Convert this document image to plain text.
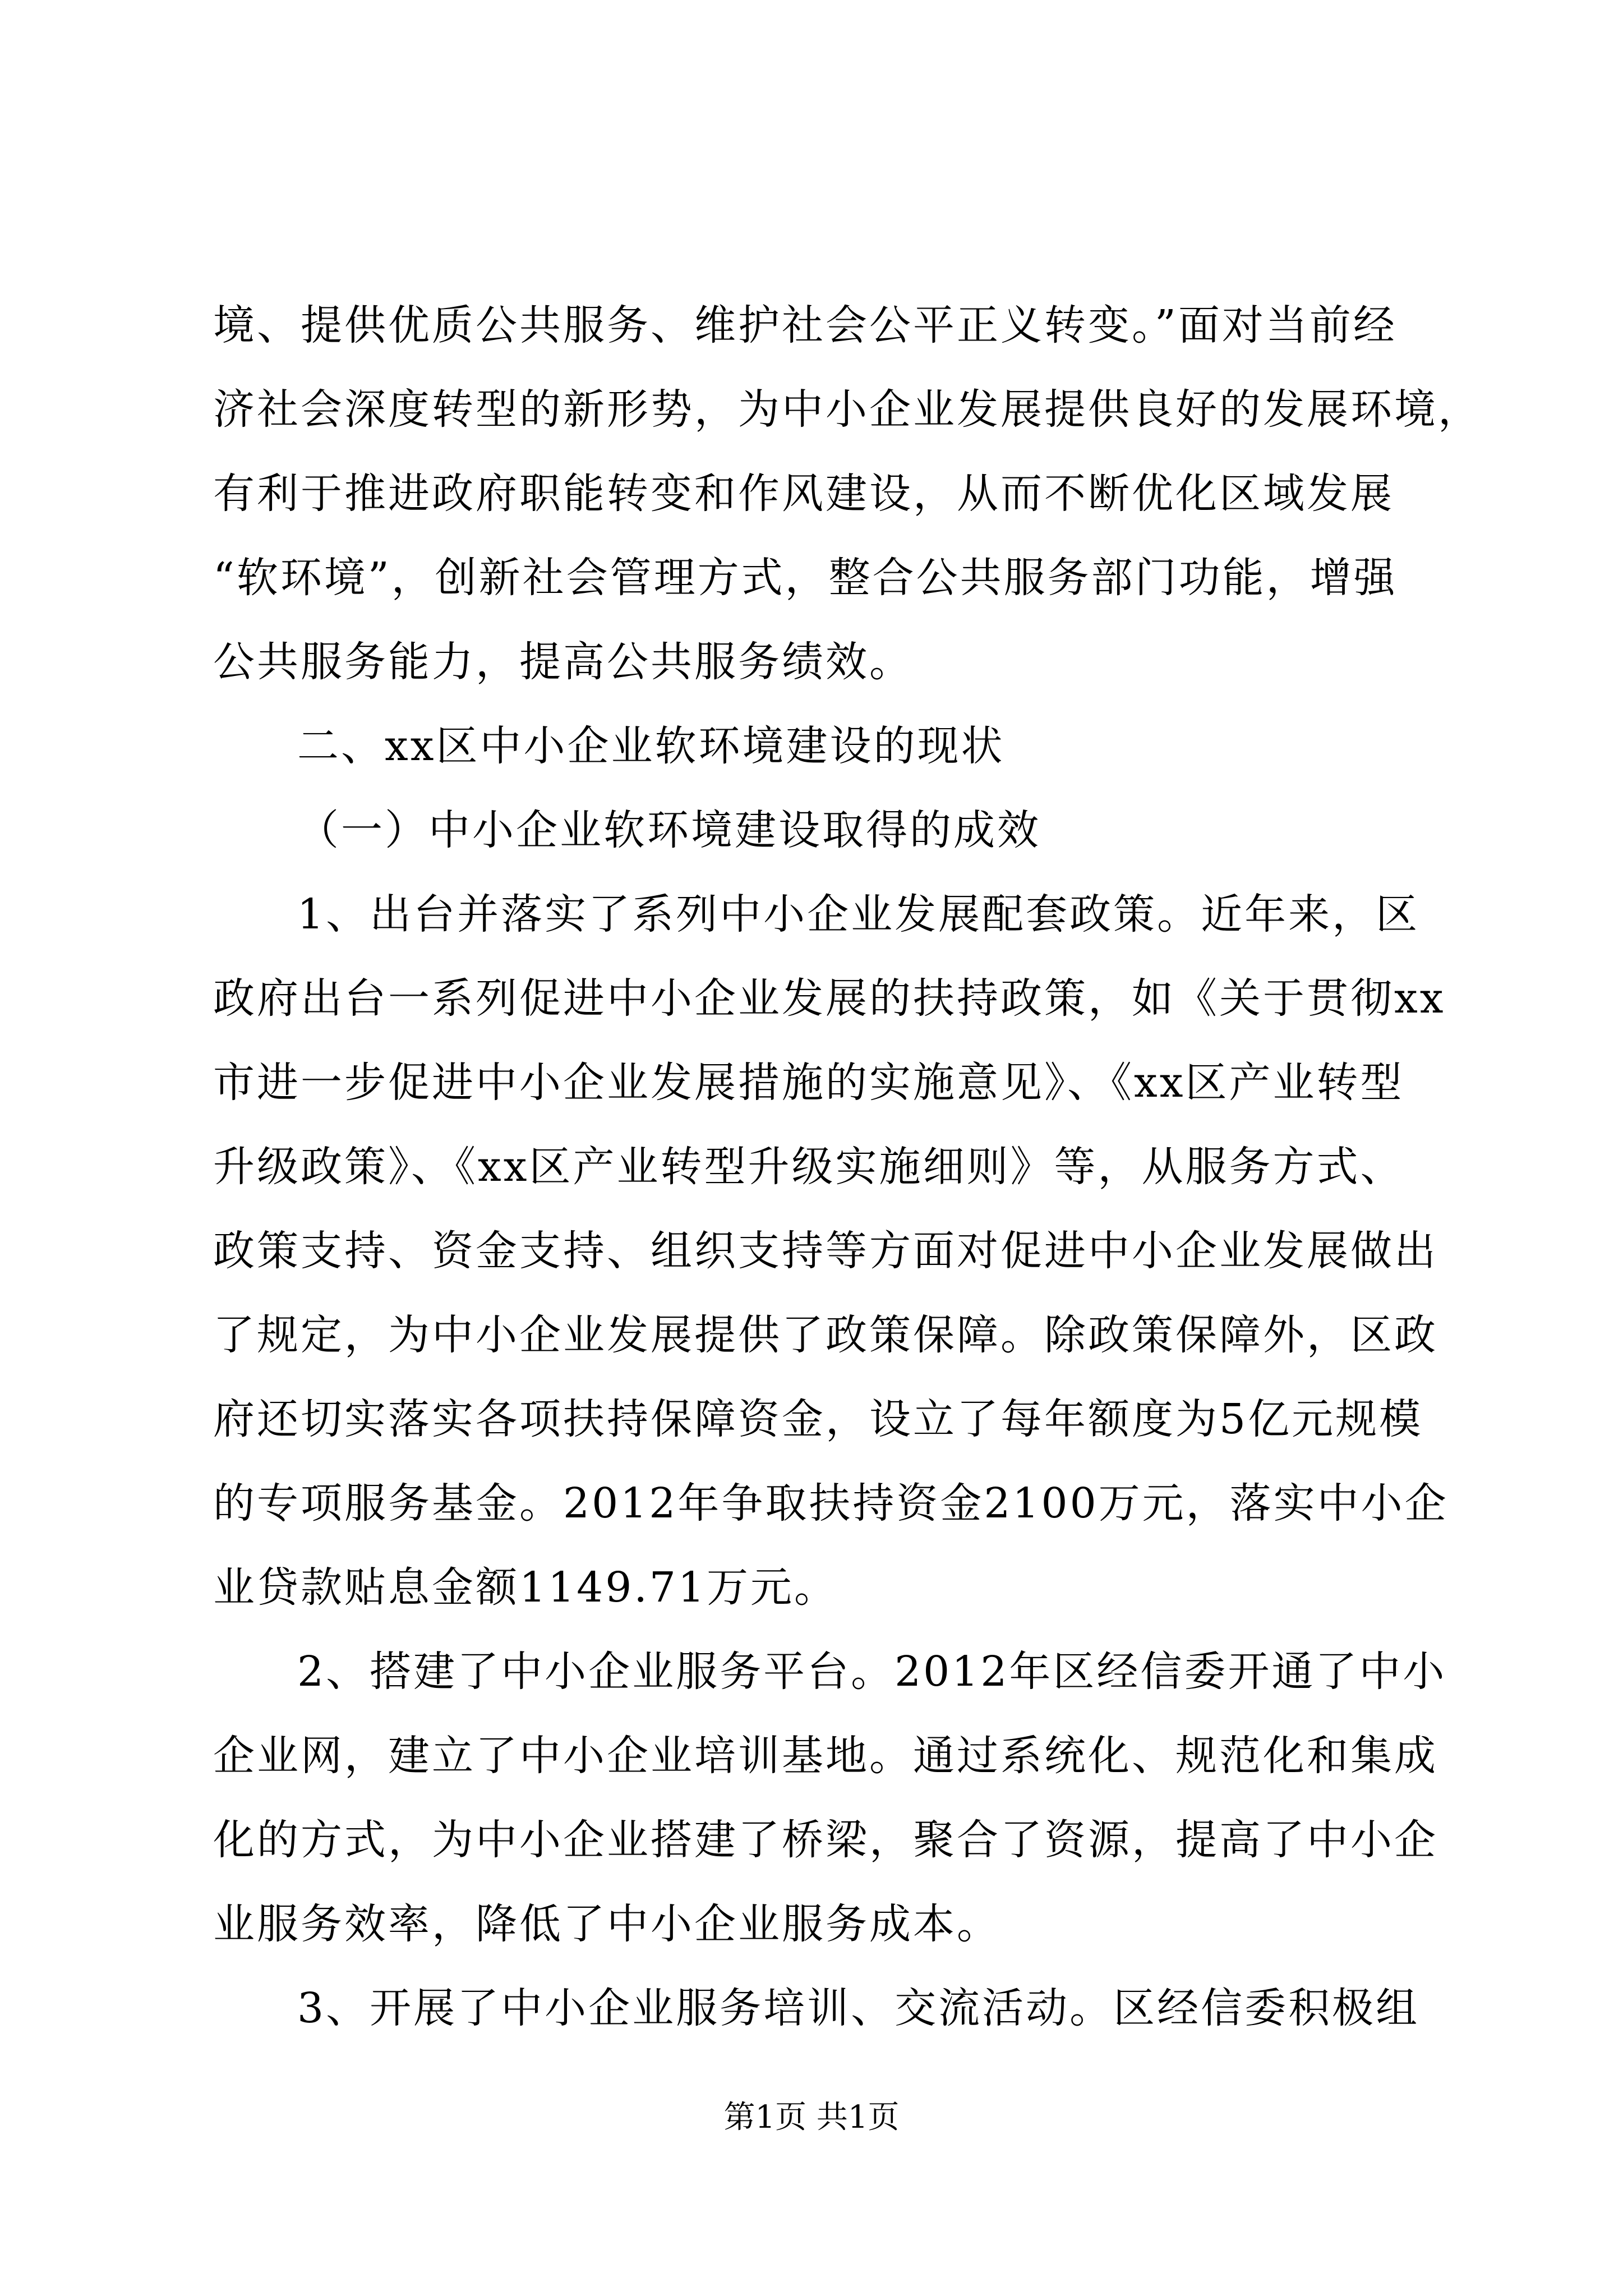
境、提供优质公共服务、维护社会公平正义转变。”面对当前经
济社会深度转型的新形势，为中小企业发展提供良好的发展环境，
有利于推进政府职能转变和作风建设，从而不断优化区域发展
“软环境”，创新社会管理方式，整合公共服务部门功能，增强
公共服务能力，提高公共服务绩效。
二、xx区中小企业软环境建设的现状
（一）中小企业软环境建设取得的成效
1、出台并落实了系列中小企业发展配套政策。近年来，区
政府出台一系列促进中小企业发展的扶持政策，如《关于贯彻xx
市进一步促进中小企业发展措施的实施意见》、《xx区产业转型
升级政策》、《xx区产业转型升级实施细则》等，从服务方式、
政策支持、资金支持、组织支持等方面对促进中小企业发展做出
了规定，为中小企业发展提供了政策保障。除政策保障外，区政
府还切实落实各项扶持保障资金，设立了每年额度为5亿元规模
的专项服务基金。2012年争取扶持资金2100万元，落实中小企
业贷款贴息金额1149.71万元。
2、搭建了中小企业服务平台。2012年区经信委开通了中小
企业网，建立了中小企业培训基地。通过系统化、规范化和集成
化的方式，为中小企业搭建了桥梁，聚合了资源，提高了中小企
业服务效率，降低了中小企业服务成本。
3、开展了中小企业服务培训、交流活动。区经信委积极组
第1页 共1页
